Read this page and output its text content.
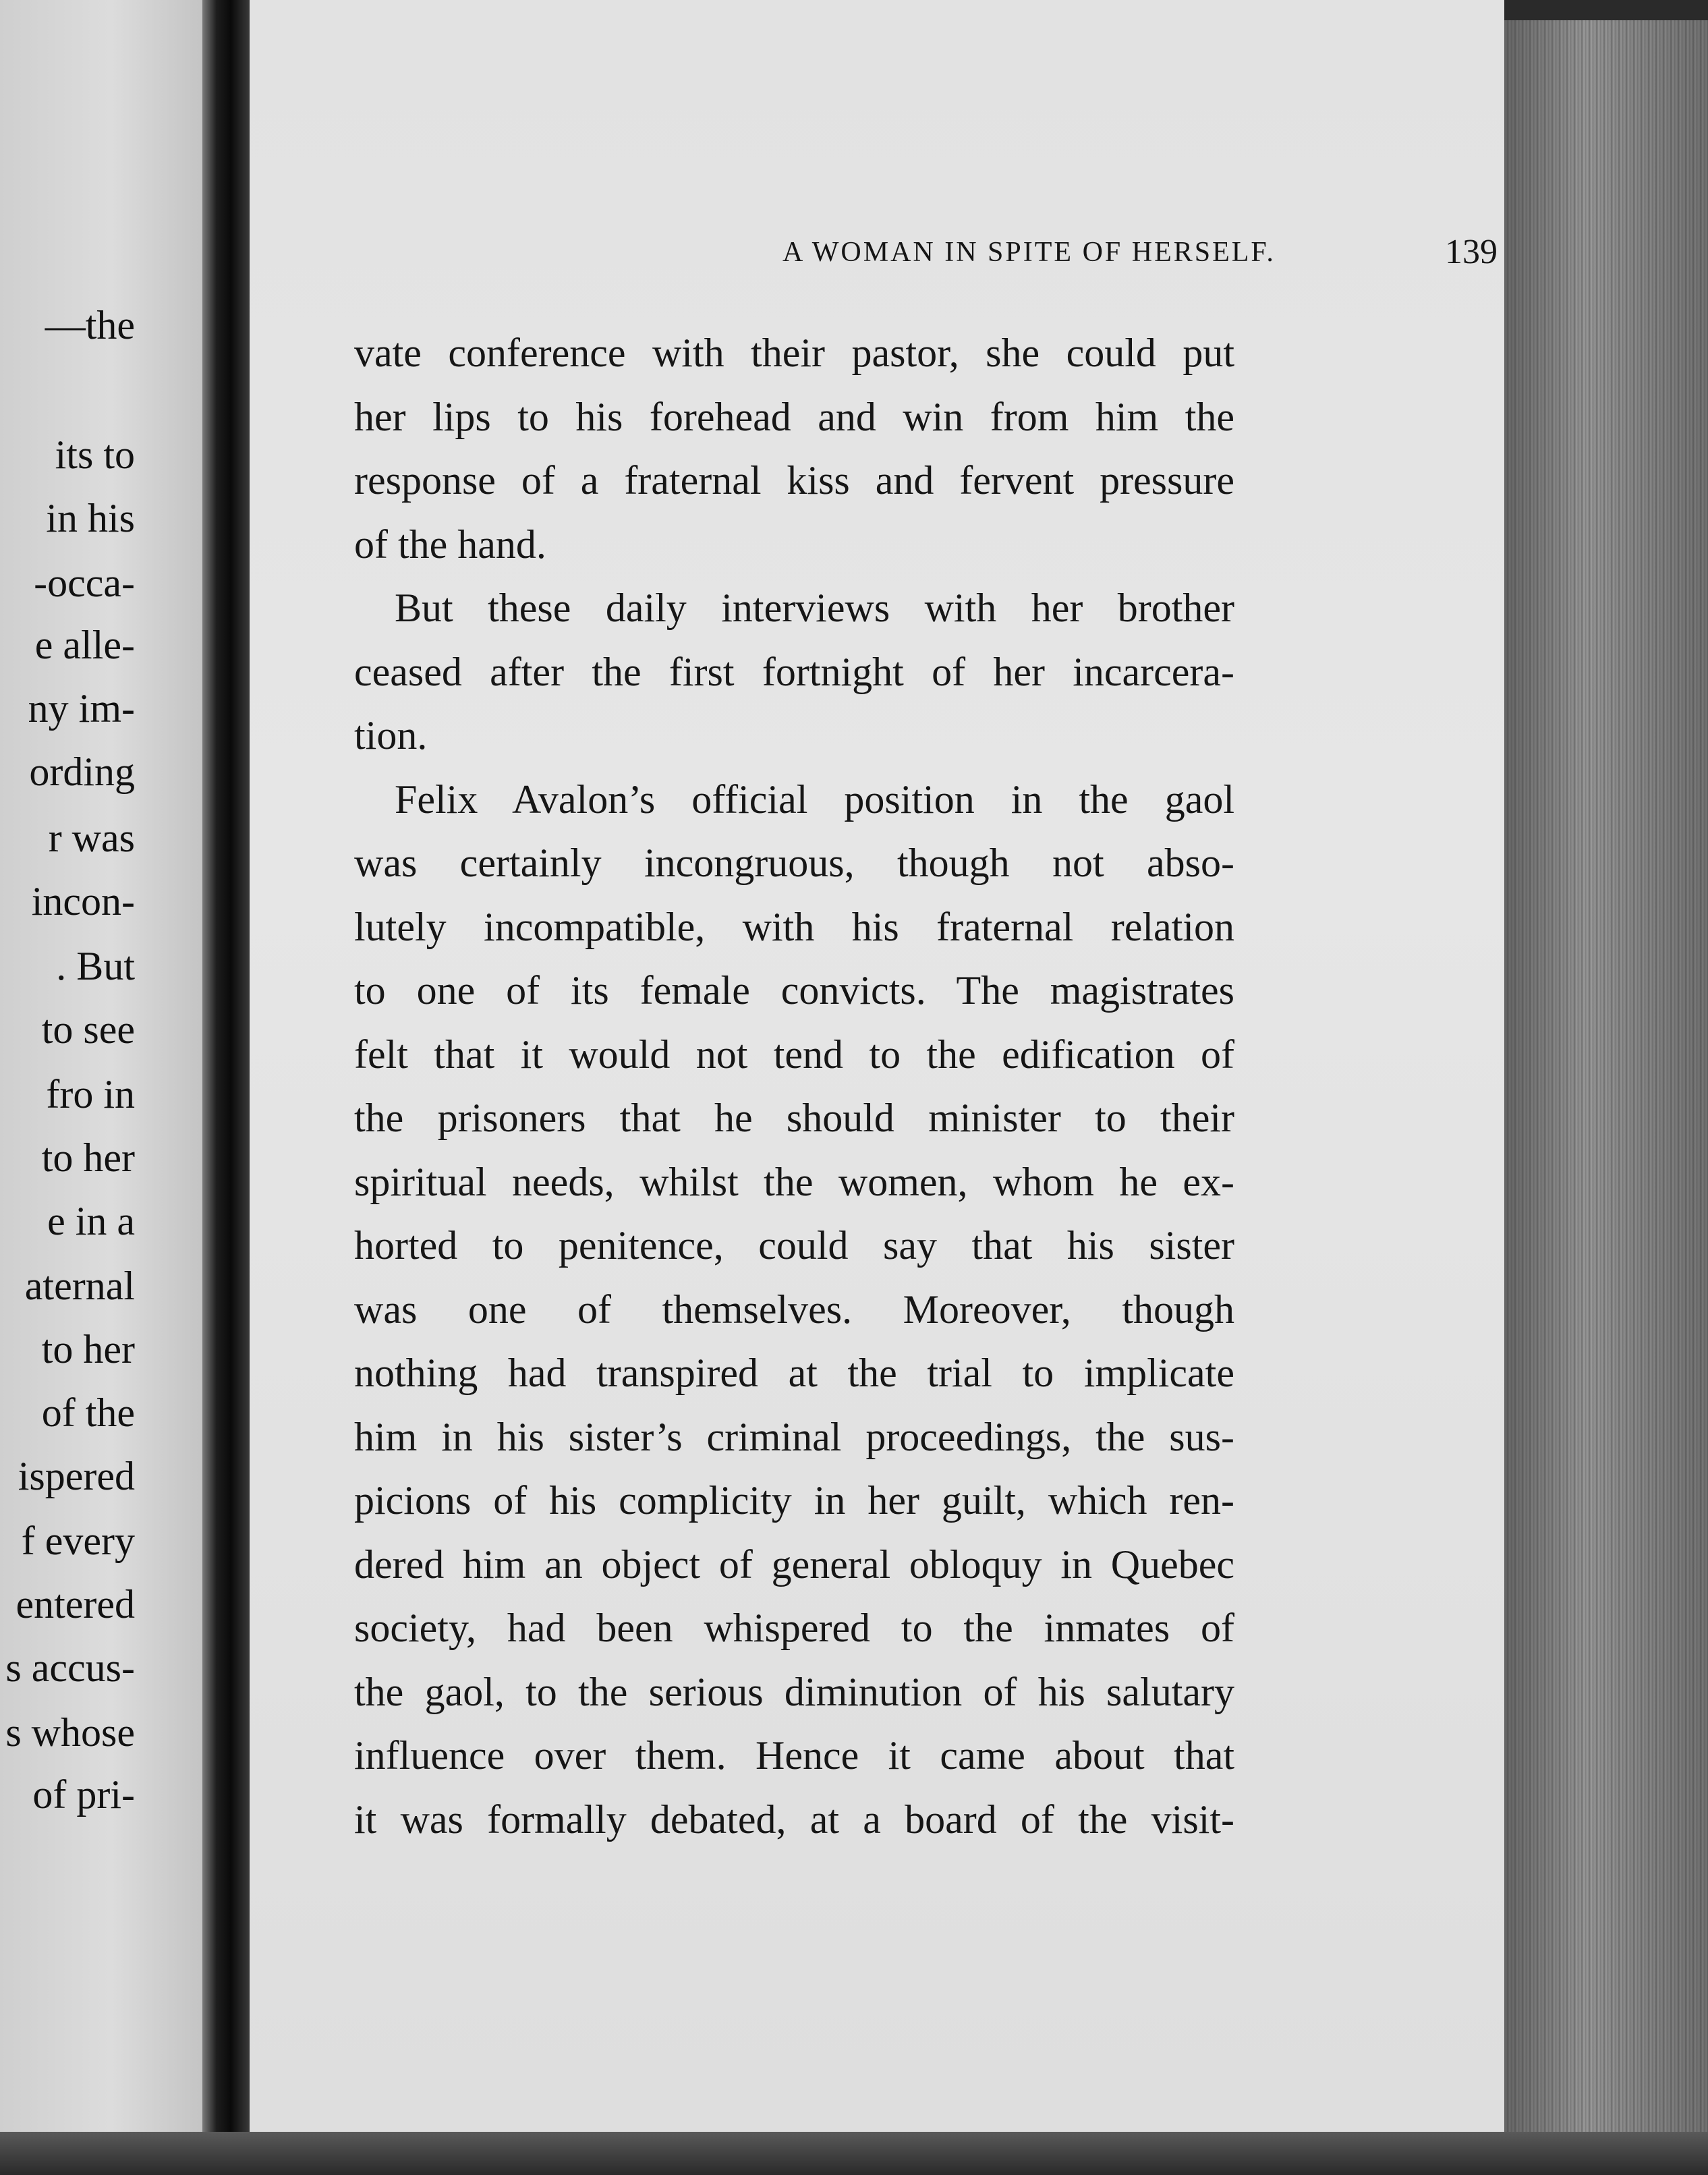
—the
its to
in his
-occa-
e alle-
ny im-
ording
r was
incon-
. But
to see
fro in
to her
e in a
aternal
to her
of the
ispered
f every
entered
s accus-
s whose
of pri-
A WOMAN IN SPITE OF HERSELF.	139
vate conference with their pastor, she could put
her lips to his forehead and win from him the
response of a fraternal kiss and fervent pressure
of the hand.
But these daily interviews with her brother
ceased after the first fortnight of her incarcera-
tion.
Felix Avalon’s official position in the gaol
was certainly incongruous, though not abso-
lutely incompatible, with his fraternal relation
to one of its female convicts. The magistrates
felt that it would not tend to the edification of
the prisoners that he should minister to their
spiritual needs, whilst the women, whom he ex-
horted to penitence, could say that his sister
was one of themselves. Moreover, though
nothing had transpired at the trial to implicate
him in his sister’s criminal proceedings, the sus-
picions of his complicity in her guilt, which ren-
dered him an object of general obloquy in Quebec
society, had been whispered to the inmates of
the gaol, to the serious diminution of his salutary
influence over them. Hence it came about that
it was formally debated, at a board of the visit-
